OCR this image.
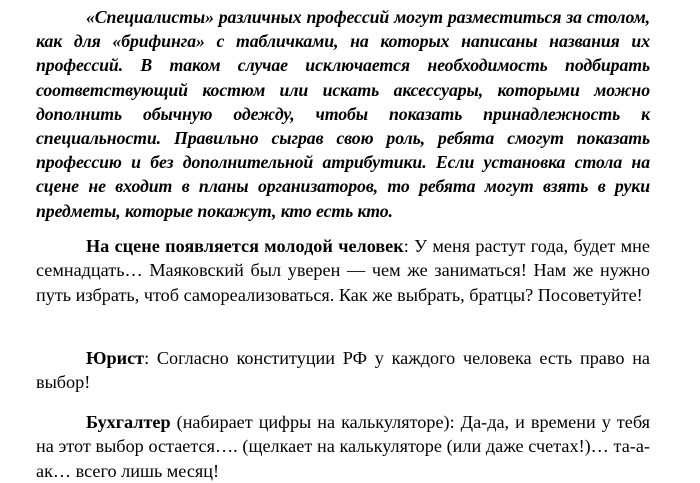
«Специалисты» различных профессий могут разместиться за столом, как для «брифинга» с табличками, на которых написаны названия их профессий. В таком случае исключается необходимость подбирать соответствующий костюм или искать аксессуары, которыми можно дополнить обычную одежду, чтобы показать принадлежность к специальности. Правильно сыграв свою роль, ребята смогут показать профессию и без дополнительной атрибутики. Если установка стола на сцене не входит в планы организаторов, то ребята могут взять в руки предметы, которые покажут, кто есть кто.

На сцене появляется молодой человек: У меня растут года, будет мне семнадцать… Маяковский был уверен — чем же заниматься! Нам же нужно путь избрать, чтоб самореализоваться. Как же выбрать, братцы? Посоветуйте!

Юрист: Согласно конституции РФ у каждого человека есть право на выбор!

Бухгалтер (набирает цифры на калькуляторе): Да-да, и времени у тебя на этот выбор остается…. (щелкает на калькуляторе (или даже счетах!)… та-а-ак… всего лишь месяц!
